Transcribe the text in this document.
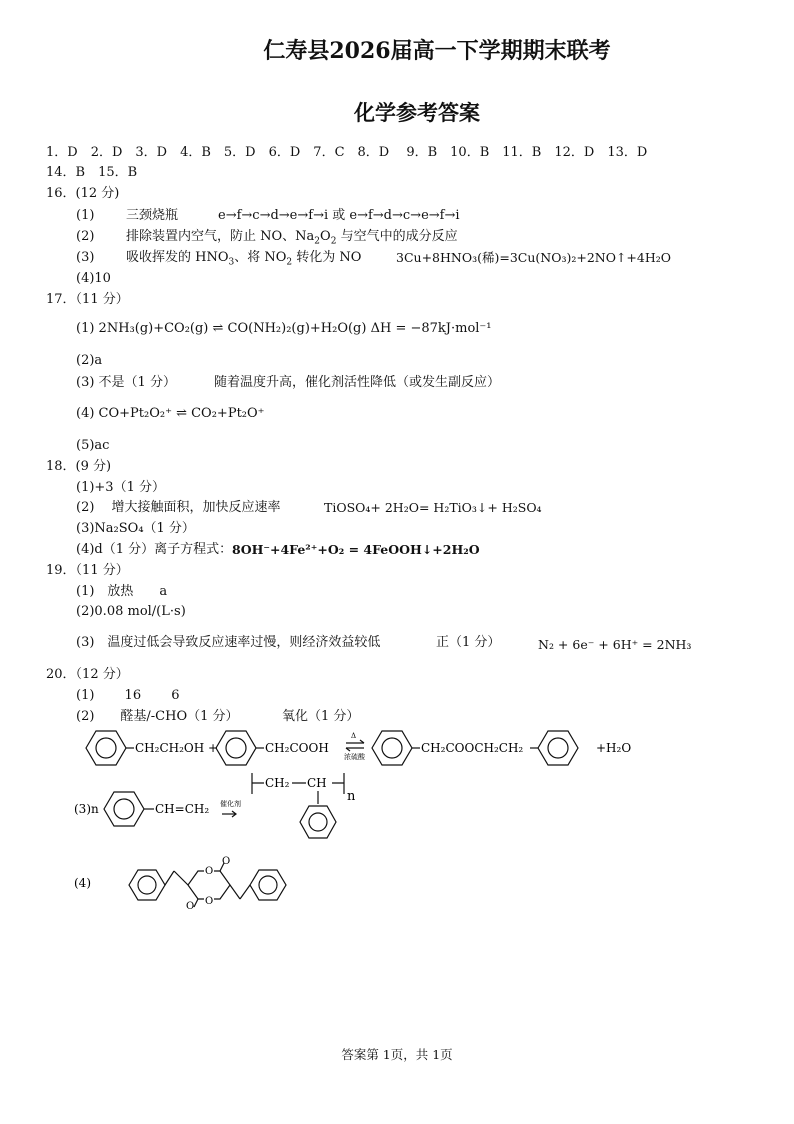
仁寿县2026届高一下学期期末联考
化学参考答案
1．D　2．D　3．D　4．B　5．D　6．D　7．C　8．D　 9．B　10．B　11．B　12．D　13．D
14．B　15．B
16．(12 分)
(1) 三颈烧瓶	e→f→c→d→e→f→i 或 e→f→d→c→e→f→i
(2) 排除装置内空气，防止 NO、$Na_2O_2$ 与空气中的成分反应
(3) 吸收挥发的 $HNO_3$、将 $NO_2$ 转化为 NO	3Cu+8HNO₃(稀)=3Cu(NO₃)₂+2NO↑+4H₂O
(4)10
17．（11 分）
(1) 2NH₃(g)+CO₂(g) ⇌ CO(NH₂)₂(g)+H₂O(g) ΔH = −87kJ·mol⁻¹
(2)a
(3) 不是（1 分）	随着温度升高，催化剂活性降低（或发生副反应）
(4) CO+Pt₂O₂⁺ ⇌ CO₂+Pt₂O⁺
(5)ac
18．(9 分)
(1)+3（1 分）
(2)　 增大接触面积，加快反应速率	TiOSO₄+ 2H₂O= H₂TiO₃↓+ H₂SO₄
(3)Na₂SO₄（1 分）
(4)d（1 分）离子方程式： 8OH⁻+4Fe²⁺+O₂ = 4FeOOH↓+2H₂O
19．（11 分）
(1)　放热　　a
(2)0.08 mol/(L·s)
(3)　温度过低会导致反应速率过慢，则经济效益较低	正（1 分）	N₂ + 6e⁻ + 6H⁺ = 2NH₃
20．（12 分）
(1)　　 16　　 6
(2)　　醛基/-CHO（1 分）	氧化（1 分）
CH₂CH₂OH +	CH₂COOH
Δ
浓硫酸
CH₂COOCH₂CH₂	+H₂O
(3)n	CH=CH₂ 催化剂
CH₂ CH
n
(4)
O
O
O
O
答案第 1页，共 1页
